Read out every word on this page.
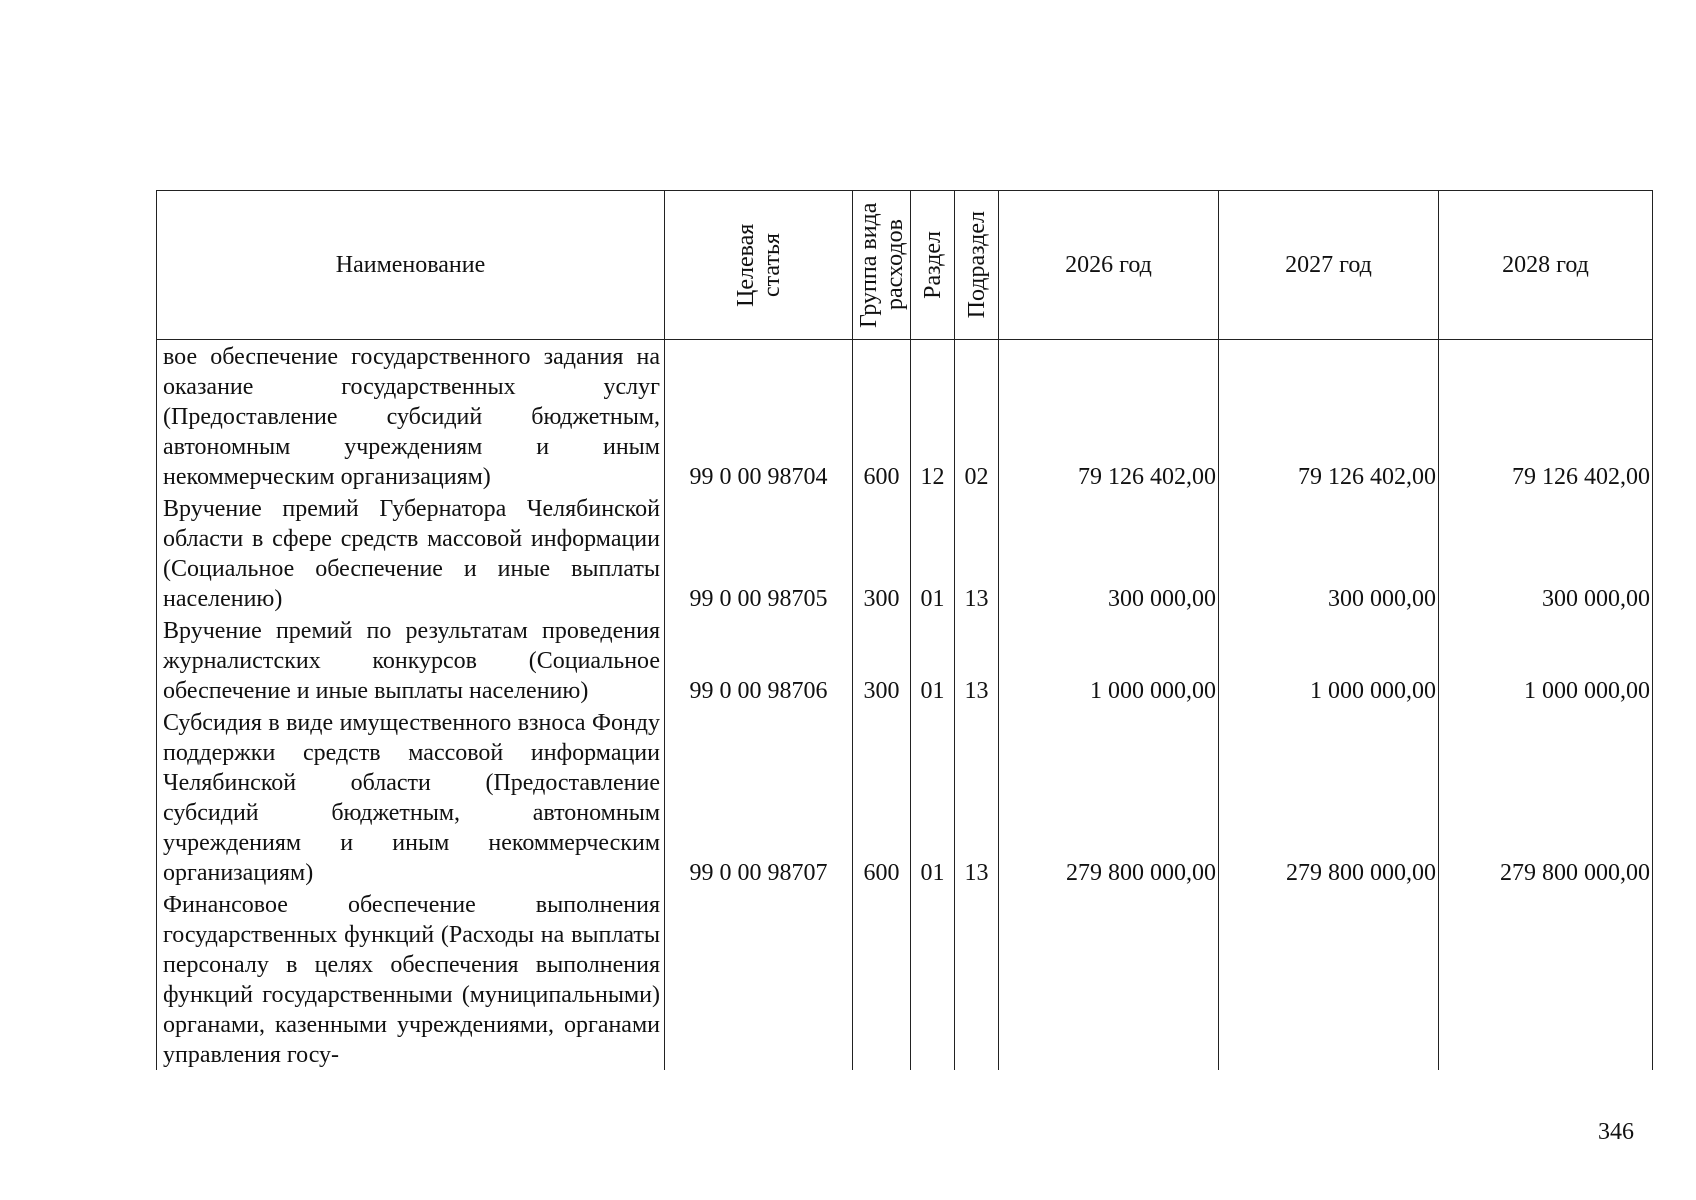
Наименование	Целевая статья	Группа вида расходов	Раздел	Подраздел	2026 год	2027 год	2028 год
вое обеспечение государственного задания на оказание государственных услуг (Предоставление субсидий бюджетным, автономным учреждениям и иным некоммерческим организациям)	99 0 00 98704	600	12	02	79 126 402,00	79 126 402,00	79 126 402,00
Вручение премий Губернатора Челябинской области в сфере средств массовой информации (Социальное обеспечение и иные выплаты населению)	99 0 00 98705	300	01	13	300 000,00	300 000,00	300 000,00
Вручение премий по результатам проведения журналистских конкурсов (Социальное обеспечение и иные выплаты населению)	99 0 00 98706	300	01	13	1 000 000,00	1 000 000,00	1 000 000,00
Субсидия в виде имущественного взноса Фонду поддержки средств массовой информации Челябинской области (Предоставление субсидий бюджетным, автономным учреждениям и иным некоммерческим организациям)	99 0 00 98707	600	01	13	279 800 000,00	279 800 000,00	279 800 000,00
Финансовое обеспечение выполнения государственных функций (Расходы на выплаты персоналу в целях обеспечения выполнения функций государственными (муниципальными) органами, казенными учреждениями, органами управления госу-							
346
